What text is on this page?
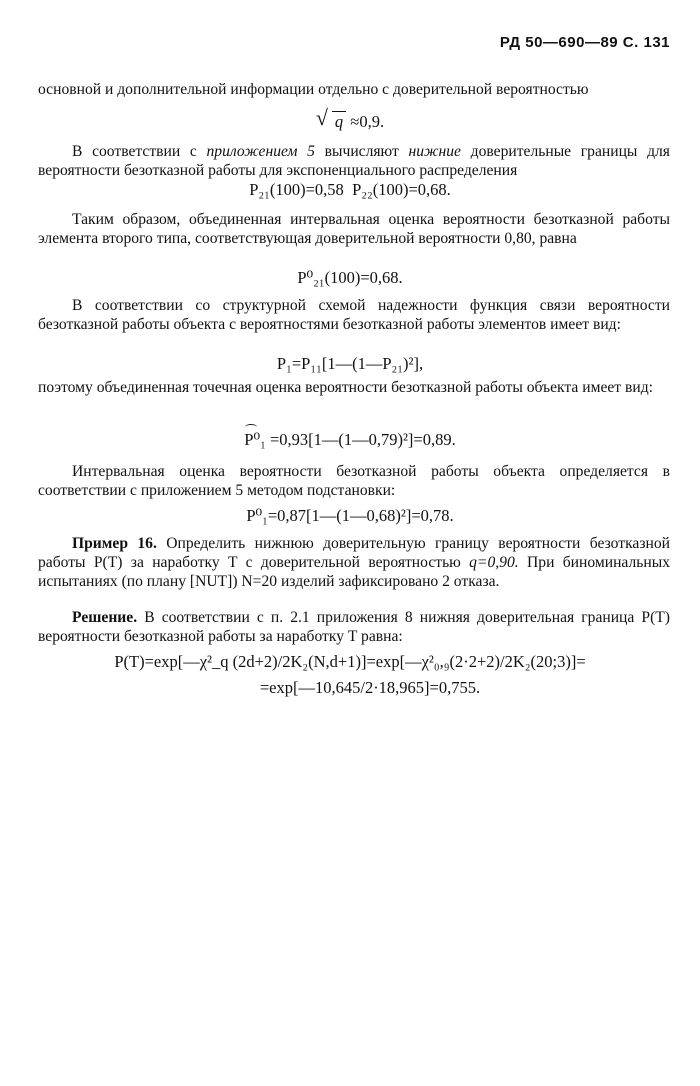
РД 50—690—89 С. 131
основной и дополнительной информации отдельно с доверительной вероятностью
√ q ≈0,9.
В соответствии с приложением 5 вычисляют нижние доверительные границы для вероятности безотказной работы для экспоненциального распределения
P₂₁(100)=0,58 P₂₂(100)=0,68.
Таким образом, объединенная интервальная оценка вероятности безотказной работы элемента второго типа, соответствующая доверительной вероятности 0,80, равна
P⁰₂₁(100)=0,68.
В соответствии со структурной схемой надежности функция связи вероятности безотказной работы объекта с вероятностями безотказной работы элементов имеет вид:
P₁=P₁₁[1—(1—P₂₁)²],
поэтому объединенная точечная оценка вероятности безотказной работы объекта имеет вид:
P⁰₁ =0,93[1—(1—0,79)²]=0,89.
Интервальная оценка вероятности безотказной работы объекта определяется в соответствии с приложением 5 методом подстановки:
P⁰₁=0,87[1—(1—0,68)²]=0,78.
Пример 16. Определить нижнюю доверительную границу вероятности безотказной работы P(T) за наработку T с доверительной вероятностью q=0,90. При биноминальных испытаниях (по плану [NUT]) N=20 изделий зафиксировано 2 отказа.
Решение. В соответствии с п. 2.1 приложения 8 нижняя доверительная граница P(T) вероятности безотказной работы за наработку T равна:
P(T)=exp[—χ²_q (2d+2)/2K₂(N,d+1)]=exp[—χ²₀,₉(2·2+2)/2K₂(20;3)]=
=exp[—10,645/2·18,965]=0,755.
